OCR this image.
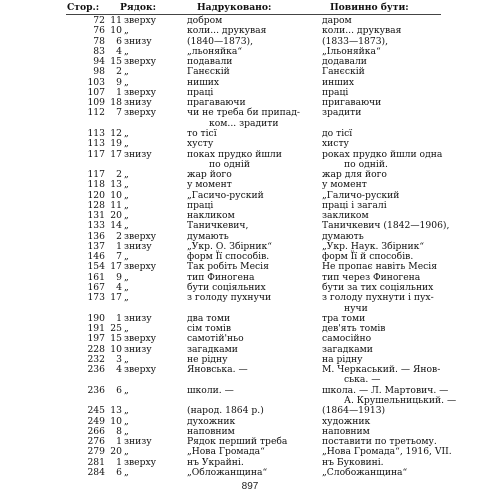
Стор.: Рядок:	Надруковано:	Повинно бути:
72 11 зверху	добром	даром
76 10 „	коли... друкувая	коли... друкувая
78	6 знизу	(1840—1873),	(1833—1873),
83	4 „	„льоняйка“	„Ільоняйка“
94 15 зверху	подавали	додавали
98	2 „	Ганєскій	Ганєскій
103	9 „	ниших	инших
107	1 зверху	праці	праці
109 18 знизу	прагаваючи	пригаваючи
112	7 зверху	чи не треба би припад- зрадити
ком... зрадити
113 12 „	то тісї	до тісї
113 19 „	хусту	хисту
117 17 знизу	поках прудко йшли	роках прудко йшли одна
по одній	по одній.
117	2 „	жар його	жар для його
118 13 „	у момент	у момент
120 10 „	„Гасичо-руский	„Галичо-руский
128 11 „	праці	праці і загалі
131 20 „	накликом	закликом
133 14 „	Таничкевич,	Таничкевич (1842—1906),
136	2 зверху	думають	думають
137	1 знизу	„Укр. О. Збірник“	„Укр. Наук. Збірник“
146	7 „	форм Її способів.	форм Її й способів.
154 17 зверху	Так робіть Месія	Не пропає навіть Месія
161	9 „	тип Финогена	тип через Финогена
167	4 „	бути соціяльних	бути за тих соціяльних
173 17 „	з голоду пухнучи	з голоду пухнути і пух-
нучи
190	1 знизу	два томи	тра томи
191 25 „	сім томів	дев'ять томів
197 15 зверху	самотій'ньо	самосійно
228 10 знизу	загадками	загадками
232	3 „	не рідну	на рідну
236	4 зверху	Яновська. —	М. Черкаський. — Янов-
ська. —
236	6 „	школи. —	школа. — Л. Мартович. —
А. Крушельницький. —
245 13 „	(народ. 1864 р.)	(1864—1913)
249 10 „	духожник	художник
266	8 „	наповним	наповним
276	1 знизу	Рядок перший треба	поставити по третьому.
279 20 „	„Нова Громада“	„Нова Громада“, 1916, VII.
281	1 зверху	нъ Украйні.	нъ Буковині.
284	6 „	„Обложанщина“	„Слобожанщина“
897
